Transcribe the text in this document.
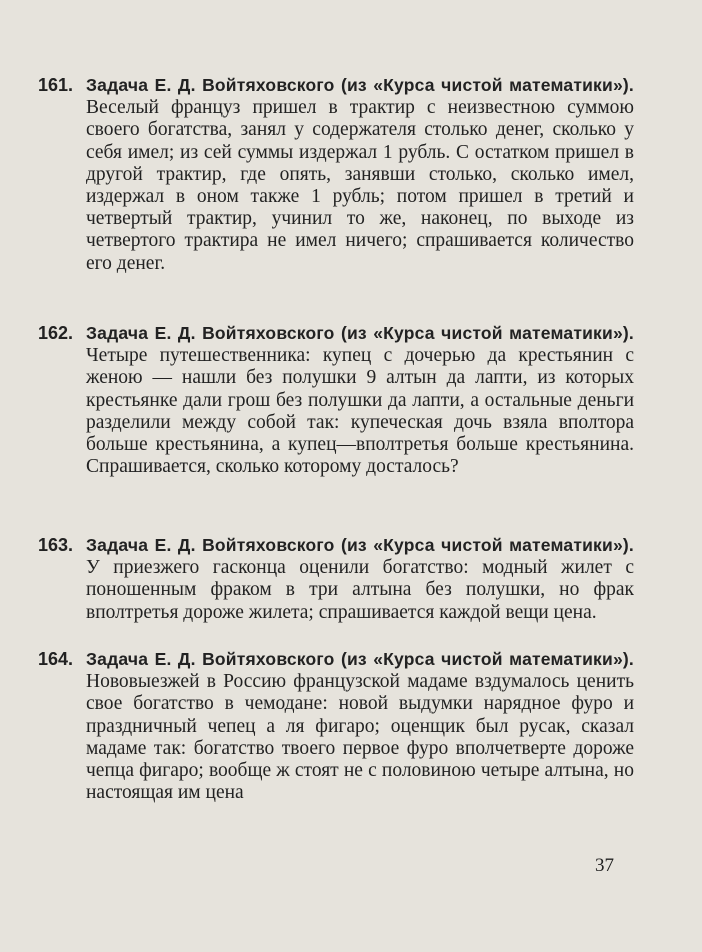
161. Задача Е. Д. Войтяховского (из «Курса чистой математики»). Веселый француз пришел в трактир с неизвестною суммою своего богатства, занял у содержателя столько денег, сколько у себя имел; из сей суммы издержал 1 рубль. С остатком пришел в другой трактир, где опять, занявши столько, сколько имел, издержал в оном также 1 рубль; потом пришел в третий и четвертый трактир, учинил то же, наконец, по выходе из четвертого трактира не имел ничего; спрашивается количество его денег.
162. Задача Е. Д. Войтяховского (из «Курса чистой математики»). Четыре путешественника: купец с дочерью да крестьянин с женою — нашли без полушки 9 алтын да лапти, из которых крестьянке дали грош без полушки да лапти, а остальные деньги разделили между собой так: купеческая дочь взяла вполтора больше крестьянина, а купец—вполтретья больше крестьянина. Спрашивается, сколько которому досталось?
163. Задача Е. Д. Войтяховского (из «Курса чистой математики»). У приезжего гасконца оценили богатство: модный жилет с поношенным фраком в три алтына без полушки, но фрак вполтретья дороже жилета; спрашивается каждой вещи цена.
164. Задача Е. Д. Войтяховского (из «Курса чистой математики»). Нововыезжей в Россию французской мадаме вздумалось ценить свое богатство в чемодане: новой выдумки нарядное фуро и праздничный чепец а ля фигаро; оценщик был русак, сказал мадаме так: богатство твоего первое фуро вполчетверте дороже чепца фигаро; вообще ж стоят не с половиною четыре алтына, но настоящая им цена
37
